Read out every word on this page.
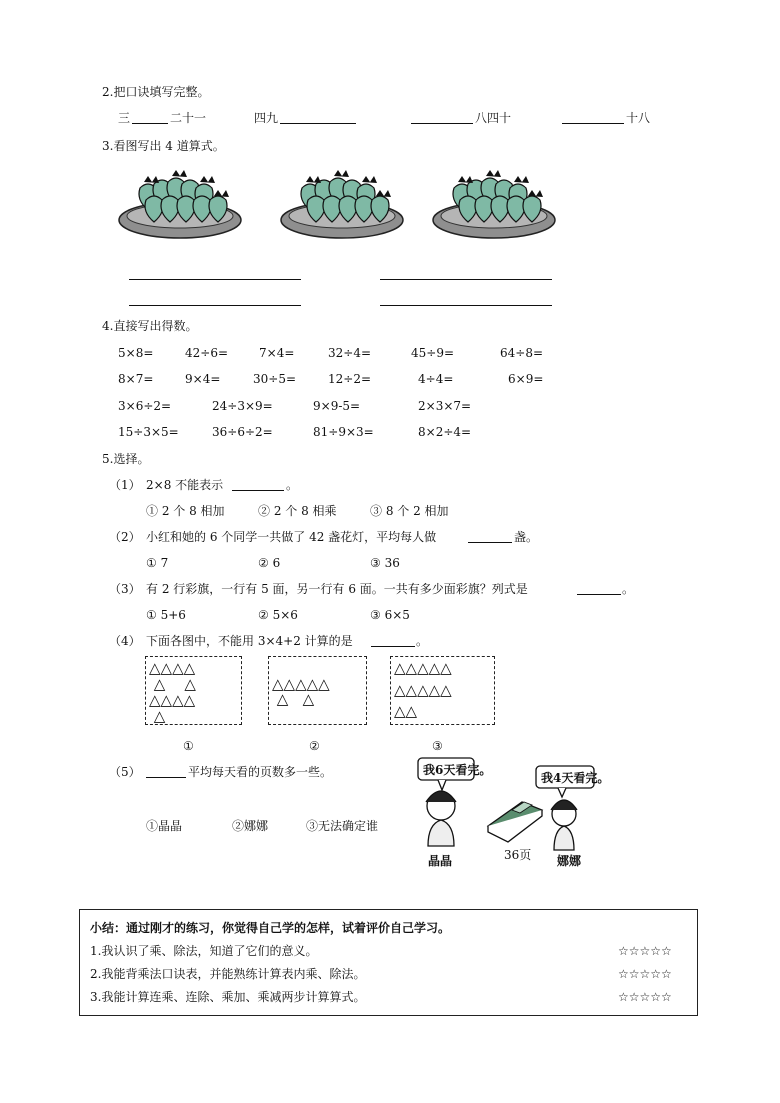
2.把口诀填写完整。
三	二十一	四九	八四十	十八
3.看图写出 4 道算式。
4.直接写出得数。
5×8=	42÷6=	7×4=	32÷4=	45÷9=	64÷8=
8×7=	9×4=	30÷5=	12÷2=	4÷4=	6×9=
3×6÷2=	24÷3×9=	9×9-5=	2×3×7=
15÷3×5=	36÷6÷2=	81÷9×3=	8×2÷4=
5.选择。
（1） 2×8 不能表示	。
① 2 个 8 相加	② 2 个 8 相乘	③ 8 个 2 相加
（2） 小红和她的 6 个同学一共做了 42 盏花灯，平均每人做	盏。
① 7	② 6	③ 36
（3） 有 2 行彩旗，一行有 5 面，另一行有 6 面。一共有多少面彩旗？列式是	。
① 5+6	② 5×6	③ 6×5
（4） 下面各图中，不能用 3×4+2 计算的是	。
△△△△
△    △
△△△△
△
△△△△△
△   △
△△△△△
△△△△△
△△
①	②	③
（5）	平均每天看的页数多一些。
①晶晶	②娜娜	③无法确定谁
我6天看完。
我4天看完。
36页
晶晶	娜娜
小结：通过刚才的练习，你觉得自己学的怎样，试着评价自己学习。
1.我认识了乘、除法，知道了它们的意义。	☆☆☆☆☆
2.我能背乘法口诀表，并能熟练计算表内乘、除法。	☆☆☆☆☆
3.我能计算连乘、连除、乘加、乘减两步计算算式。	☆☆☆☆☆
